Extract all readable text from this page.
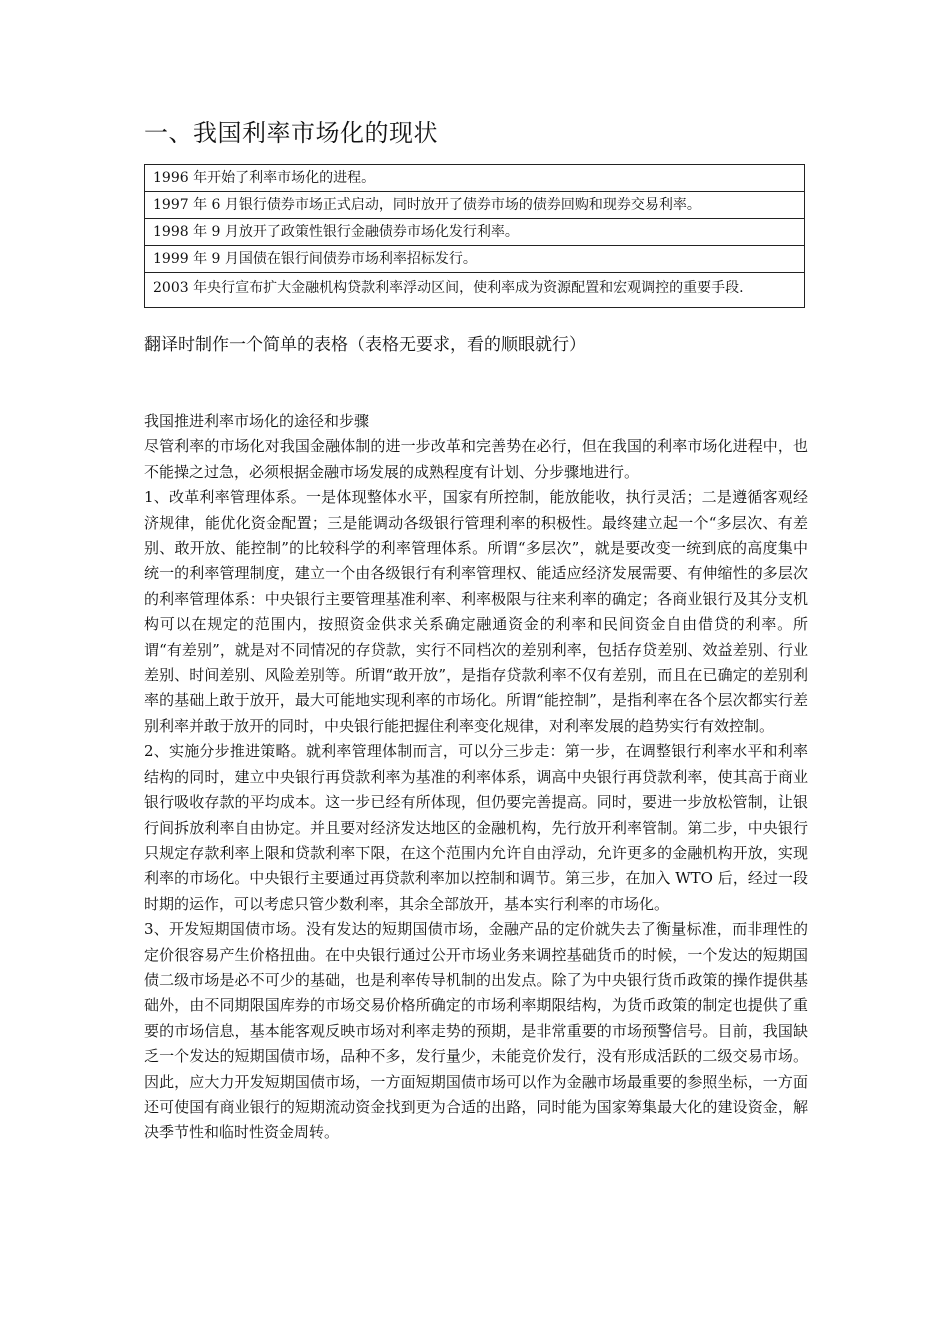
一、我国利率市场化的现状
1996 年开始了利率市场化的进程。
1997 年 6 月银行债券市场正式启动，同时放开了债券市场的债券回购和现券交易利率。
1998 年 9 月放开了政策性银行金融债券市场化发行利率。
1999 年 9 月国债在银行间债券市场利率招标发行。
2003 年央行宣布扩大金融机构贷款利率浮动区间，使利率成为资源配置和宏观调控的重要手段.
翻译时制作一个简单的表格（表格无要求，看的顺眼就行）

我国推进利率市场化的途径和步骤

尽管利率的市场化对我国金融体制的进一步改革和完善势在必行，但在我国的利率市场化进程中，也不能操之过急，必须根据金融市场发展的成熟程度有计划、分步骤地进行。

1、改革利率管理体系。一是体现整体水平，国家有所控制，能放能收，执行灵活；二是遵循客观经济规律，能优化资金配置；三是能调动各级银行管理利率的积极性。最终建立起一个“多层次、有差别、敢开放、能控制”的比较科学的利率管理体系。所谓“多层次”，就是要改变一统到底的高度集中统一的利率管理制度，建立一个由各级银行有利率管理权、能适应经济发展需要、有伸缩性的多层次的利率管理体系：中央银行主要管理基准利率、利率极限与往来利率的确定；各商业银行及其分支机构可以在规定的范围内，按照资金供求关系确定融通资金的利率和民间资金自由借贷的利率。所谓“有差别”，就是对不同情况的存贷款，实行不同档次的差别利率，包括存贷差别、效益差别、行业差别、时间差别、风险差别等。所谓“敢开放”，是指存贷款利率不仅有差别，而且在已确定的差别利率的基础上敢于放开，最大可能地实现利率的市场化。所谓“能控制”，是指利率在各个层次都实行差别利率并敢于放开的同时，中央银行能把握住利率变化规律，对利率发展的趋势实行有效控制。

2、实施分步推进策略。就利率管理体制而言，可以分三步走：第一步，在调整银行利率水平和利率结构的同时，建立中央银行再贷款利率为基准的利率体系，调高中央银行再贷款利率，使其高于商业银行吸收存款的平均成本。这一步已经有所体现，但仍要完善提高。同时，要进一步放松管制，让银行间拆放利率自由协定。并且要对经济发达地区的金融机构，先行放开利率管制。第二步，中央银行只规定存款利率上限和贷款利率下限，在这个范围内允许自由浮动，允许更多的金融机构开放，实现利率的市场化。中央银行主要通过再贷款利率加以控制和调节。第三步，在加入 WTO 后，经过一段时期的运作，可以考虑只管少数利率，其余全部放开，基本实行利率的市场化。

3、开发短期国债市场。没有发达的短期国债市场，金融产品的定价就失去了衡量标准，而非理性的定价很容易产生价格扭曲。在中央银行通过公开市场业务来调控基础货币的时候，一个发达的短期国债二级市场是必不可少的基础，也是利率传导机制的出发点。除了为中央银行货币政策的操作提供基础外，由不同期限国库券的市场交易价格所确定的市场利率期限结构，为货币政策的制定也提供了重要的市场信息，基本能客观反映市场对利率走势的预期，是非常重要的市场预警信号。目前，我国缺乏一个发达的短期国债市场，品种不多，发行量少，未能竞价发行，没有形成活跃的二级交易市场。因此，应大力开发短期国债市场，一方面短期国债市场可以作为金融市场最重要的参照坐标，一方面还可使国有商业银行的短期流动资金找到更为合适的出路，同时能为国家筹集最大化的建设资金，解决季节性和临时性资金周转。
